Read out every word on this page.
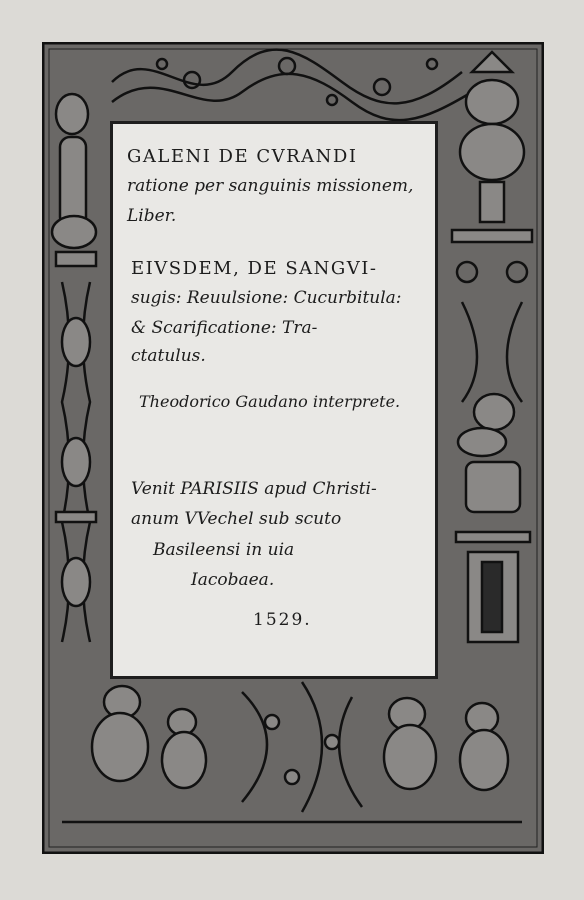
GALENI DE CVRANDI
ratione per sanguinis missionem,
Liber.
EIVSDEM, DE SANGVI-
sugis: Reuulsione: Cucurbitula:
& Scarificatione: Tra-
ctatulus.
Theodorico Gaudano interprete.
Venit PARISIIS apud Christi-
anum VVechel sub scuto
Basileensi in uia
Iacobaea.
1529.
